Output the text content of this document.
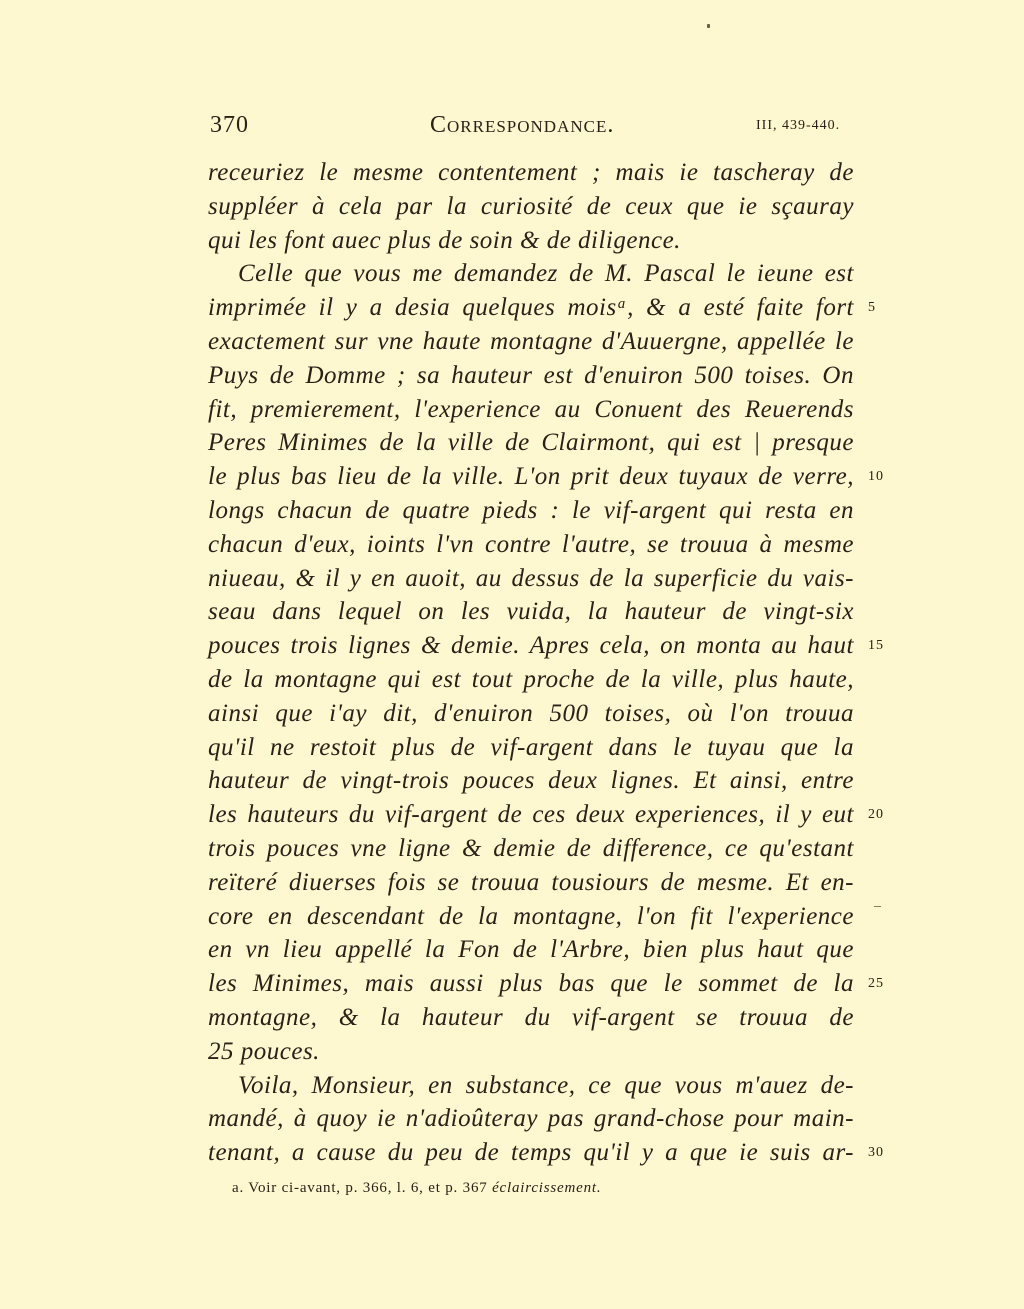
370	Correspondance.	III, 439-440.
receuriez le mesme contentement ; mais ie tascheray de
suppléer à cela par la curiosité de ceux que ie sçauray
qui les font auec plus de soin & de diligence.
Celle que vous me demandez de M. Pascal le ieune est
imprimée il y a desia quelques moisᵃ, & a esté faite fort 5
exactement sur vne haute montagne d'Auuergne, appellée le
Puys de Domme ; sa hauteur est d'enuiron 500 toises. On
fit, premierement, l'experience au Conuent des Reuerends
Peres Minimes de la ville de Clairmont, qui est | presque
le plus bas lieu de la ville. L'on prit deux tuyaux de verre, 10
longs chacun de quatre pieds : le vif-argent qui resta en
chacun d'eux, ioints l'vn contre l'autre, se trouua à mesme
niueau, & il y en auoit, au dessus de la superficie du vais-
seau dans lequel on les vuida, la hauteur de vingt-six
pouces trois lignes & demie. Apres cela, on monta au haut 15
de la montagne qui est tout proche de la ville, plus haute,
ainsi que i'ay dit, d'enuiron 500 toises, où l'on trouua
qu'il ne restoit plus de vif-argent dans le tuyau que la
hauteur de vingt-trois pouces deux lignes. Et ainsi, entre
les hauteurs du vif-argent de ces deux experiences, il y eut 20
trois pouces vne ligne & demie de difference, ce qu'estant
reïteré diuerses fois se trouua tousiours de mesme. Et en-
core en descendant de la montagne, l'on fit l'experience
en vn lieu appellé la Fon de l'Arbre, bien plus haut que
les Minimes, mais aussi plus bas que le sommet de la 25
montagne, & la hauteur du vif-argent se trouua de
25 pouces.
Voila, Monsieur, en substance, ce que vous m'auez de-
mandé, à quoy ie n'adioûteray pas grand-chose pour main-
tenant, a cause du peu de temps qu'il y a que ie suis ar- 30
a. Voir ci-avant, p. 366, l. 6, et p. 367 éclaircissement.
